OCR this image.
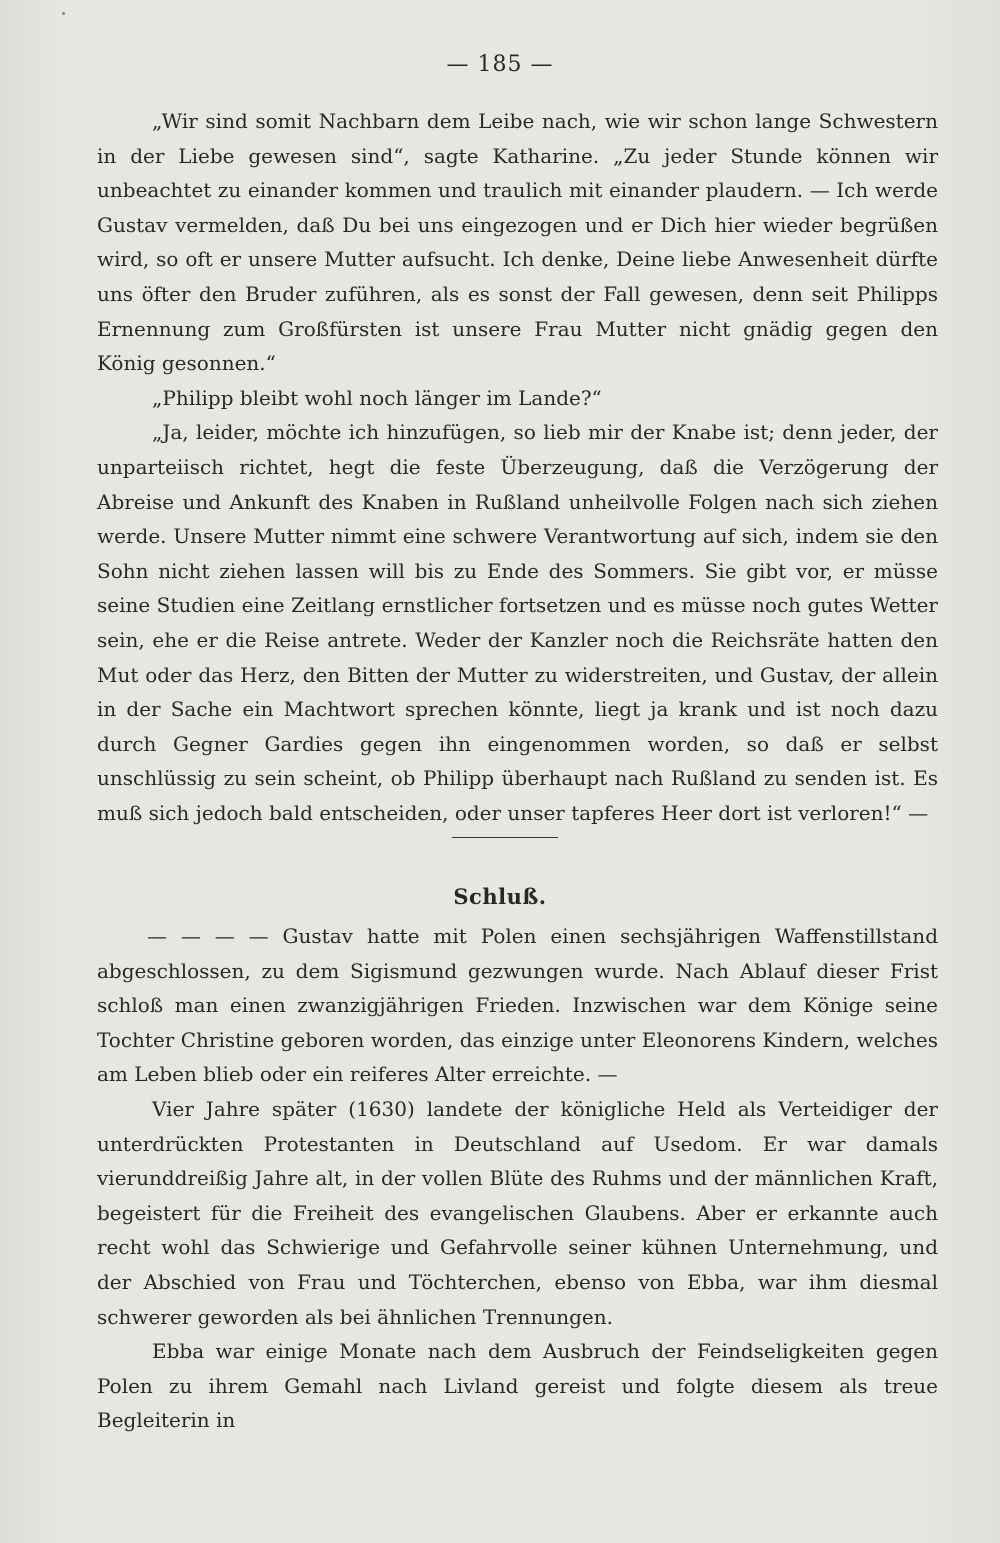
— 185 —

„Wir sind somit Nachbarn dem Leibe nach, wie wir schon lange Schwestern in der Liebe gewesen sind“, sagte Katharine. „Zu jeder Stunde können wir unbeachtet zu einander kommen und traulich mit einander plaudern. — Ich werde Gustav vermelden, daß Du bei uns eingezogen und er Dich hier wieder begrüßen wird, so oft er unsere Mutter aufsucht. Ich denke, Deine liebe Anwesenheit dürfte uns öfter den Bruder zuführen, als es sonst der Fall gewesen, denn seit Philipps Ernennung zum Großfürsten ist unsere Frau Mutter nicht gnädig gegen den König gesonnen.“

„Philipp bleibt wohl noch länger im Lande?“

„Ja, leider, möchte ich hinzufügen, so lieb mir der Knabe ist; denn jeder, der unparteiisch richtet, hegt die feste Überzeugung, daß die Verzögerung der Abreise und Ankunft des Knaben in Rußland unheilvolle Folgen nach sich ziehen werde. Unsere Mutter nimmt eine schwere Verantwortung auf sich, indem sie den Sohn nicht ziehen lassen will bis zu Ende des Sommers. Sie gibt vor, er müsse seine Studien eine Zeitlang ernstlicher fortsetzen und es müsse noch gutes Wetter sein, ehe er die Reise antrete. Weder der Kanzler noch die Reichsräte hatten den Mut oder das Herz, den Bitten der Mutter zu widerstreiten, und Gustav, der allein in der Sache ein Machtwort sprechen könnte, liegt ja krank und ist noch dazu durch Gegner Gardies gegen ihn eingenommen worden, so daß er selbst unschlüssig zu sein scheint, ob Philipp überhaupt nach Rußland zu senden ist. Es muß sich jedoch bald entscheiden, oder unser tapferes Heer dort ist verloren!“ —

Schluß.

— — — — Gustav hatte mit Polen einen sechsjährigen Waffenstillstand abgeschlossen, zu dem Sigismund gezwungen wurde. Nach Ablauf dieser Frist schloß man einen zwanzigjährigen Frieden. Inzwischen war dem Könige seine Tochter Christine geboren worden, das einzige unter Eleonorens Kindern, welches am Leben blieb oder ein reiferes Alter erreichte. —

Vier Jahre später (1630) landete der königliche Held als Verteidiger der unterdrückten Protestanten in Deutschland auf Usedom. Er war damals vierunddreißig Jahre alt, in der vollen Blüte des Ruhms und der männlichen Kraft, begeistert für die Freiheit des evangelischen Glaubens. Aber er erkannte auch recht wohl das Schwierige und Gefahrvolle seiner kühnen Unternehmung, und der Abschied von Frau und Töchterchen, ebenso von Ebba, war ihm diesmal schwerer geworden als bei ähnlichen Trennungen.

Ebba war einige Monate nach dem Ausbruch der Feindseligkeiten gegen Polen zu ihrem Gemahl nach Livland gereist und folgte diesem als treue Begleiterin in
